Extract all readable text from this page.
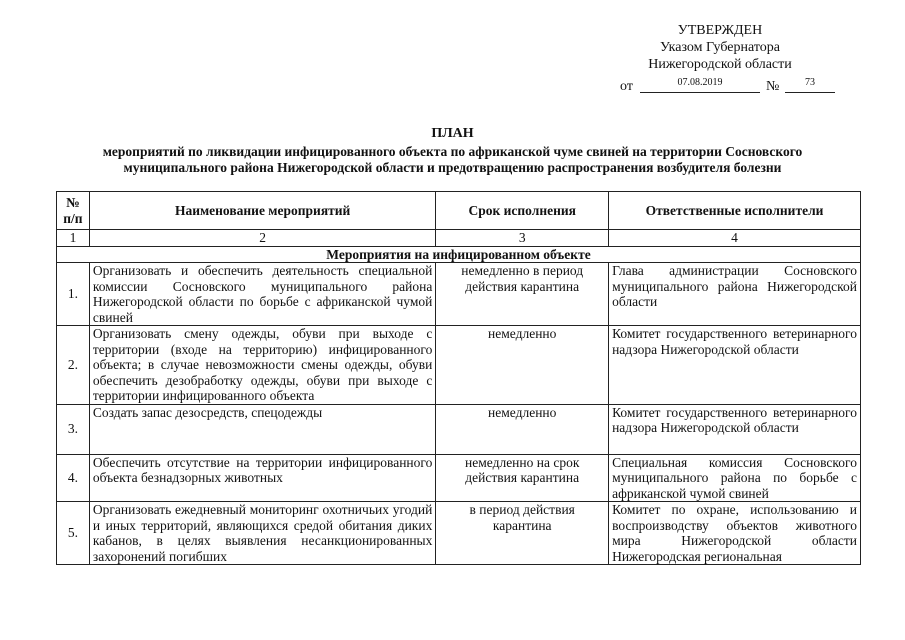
УТВЕРЖДЕН
Указом Губернатора
Нижегородской области
от	07.08.2019	№	73
ПЛАН
мероприятий по ликвидации инфицированного объекта по африканской чуме свиней на территории Сосновского
муниципального района Нижегородской области и предотвращению распространения возбудителя болезни
№ п/п	Наименование мероприятий	Срок исполнения	Ответственные исполнители
1	2	3	4
Мероприятия на инфицированном объекте			
1.	Организовать и обеспечить деятельность специальной комиссии Сосновского муниципального района Нижегородской области по борьбе с африканской чумой свиней	немедленно в период действия карантина	Глава администрации Сосновского муниципального района Нижегородской области
2.	Организовать смену одежды, обуви при выходе с территории (входе на территорию) инфицированного объекта; в случае невозможности смены одежды, обуви обеспечить дезобработку одежды, обуви при выходе с территории инфицированного объекта	немедленно	Комитет государственного ветеринарного надзора Нижегородской области
3.	Создать запас дезосредств, спецодежды	немедленно	Комитет государственного ветеринарного надзора Нижегородской области
4.	Обеспечить отсутствие на территории инфицированного объекта безнадзорных животных	немедленно на срок действия карантина	Специальная комиссия Сосновского муниципального района по борьбе с африканской чумой свиней
5.	Организовать ежедневный мониторинг охотничьих угодий и иных территорий, являющихся средой обитания диких кабанов, в целях выявления несанкционированных захоронений погибших	в период действия карантина	Комитет по охране, использованию и воспроизводству объектов животного мира Нижегородской области Нижегородская региональная
